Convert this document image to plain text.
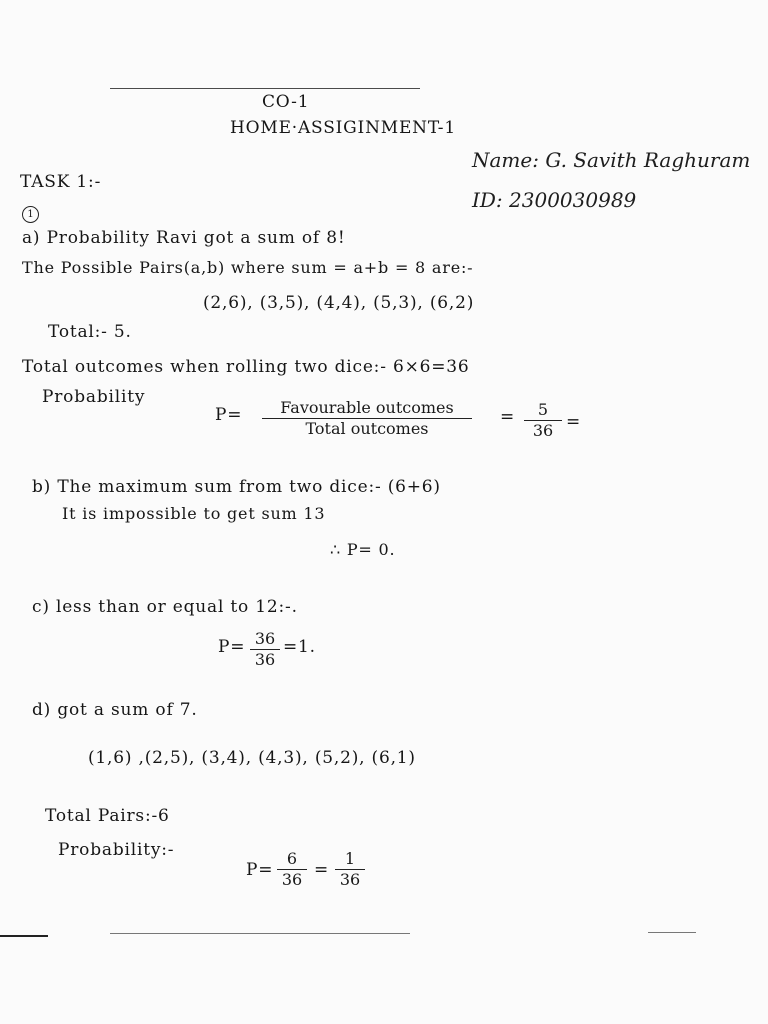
CO-1
HOME·ASSIGINMENT-1
Name: G. Savith Raghuram
ID: 2300030989
TASK 1:-
1
a) Probability Ravi got a sum of 8!
The Possible Pairs(a,b) where sum = a+b = 8 are:-
(2,6), (3,5), (4,4), (5,3), (6,2)
Total:- 5.
Total outcomes when rolling two dice:- 6×6=36
Probability
P= Favourable outcomes
Total outcomes
= 5
36 =
b) The maximum sum from two dice:- (6+6)
It is impossible to get sum 13
∴ P= 0.
c) less than or equal to 12:-.
P= 36
36
=1.
d) got a sum of 7.
(1,6) ,(2,5), (3,4), (4,3), (5,2), (6,1)
Total Pairs:-6
Probability:-
P=
6
36 =
1
36
